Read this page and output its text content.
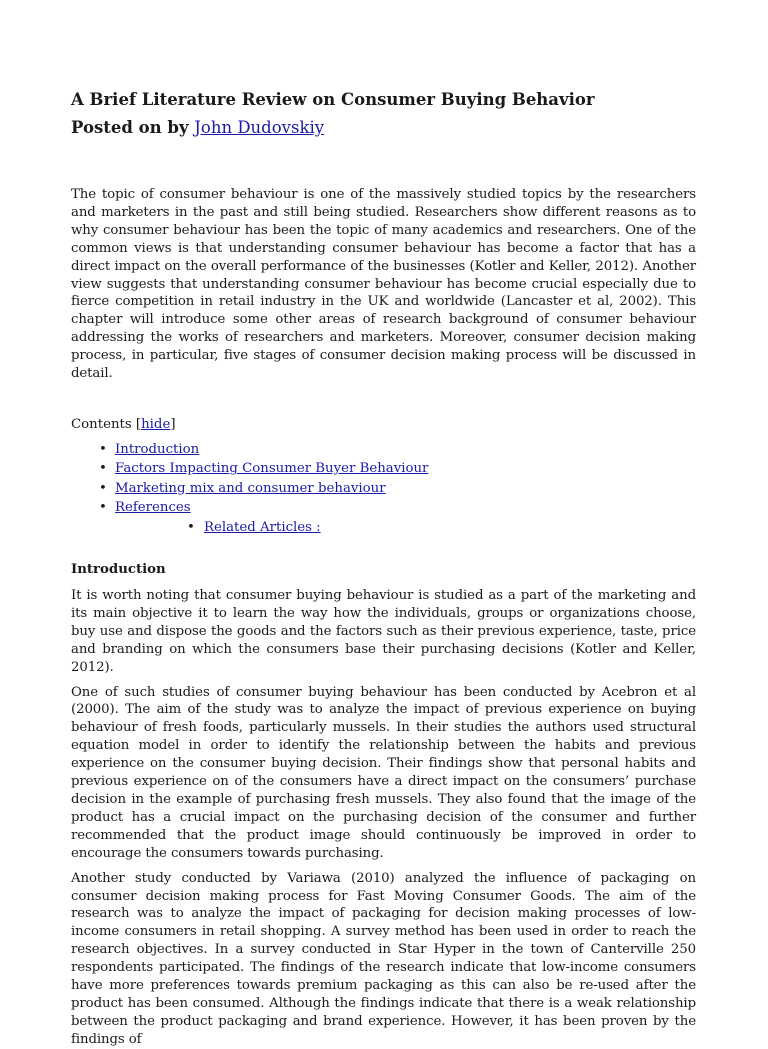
A Brief Literature Review on Consumer Buying Behavior
Posted on by John Dudovskiy

The topic of consumer behaviour is one of the massively studied topics by the researchers and marketers in the past and still being studied. Researchers show different reasons as to why consumer behaviour has been the topic of many academics and researchers. One of the common views is that understanding consumer behaviour has become a factor that has a direct impact on the overall performance of the businesses (Kotler and Keller, 2012). Another view suggests that understanding consumer behaviour has become crucial especially due to fierce competition in retail industry in the UK and worldwide (Lancaster et al, 2002). This chapter will introduce some other areas of research background of consumer behaviour addressing the works of researchers and marketers. Moreover, consumer decision making process, in particular, five stages of consumer decision making process will be discussed in detail.

Contents [hide]
• Introduction
• Factors Impacting Consumer Buyer Behaviour
• Marketing mix and consumer behaviour
• References
• Related Articles :
Introduction

It is worth noting that consumer buying behaviour is studied as a part of the marketing and its main objective it to learn the way how the individuals, groups or organizations choose, buy use and dispose the goods and the factors such as their previous experience, taste, price and branding on which the consumers base their purchasing decisions (Kotler and Keller, 2012).

One of such studies of consumer buying behaviour has been conducted by Acebron et al (2000). The aim of the study was to analyze the impact of previous experience on buying behaviour of fresh foods, particularly mussels. In their studies the authors used structural equation model in order to identify the relationship between the habits and previous experience on the consumer buying decision. Their findings show that personal habits and previous experience on of the consumers have a direct impact on the consumers’ purchase decision in the example of purchasing fresh mussels. They also found that the image of the product has a crucial impact on the purchasing decision of the consumer and further recommended that the product image should continuously be improved in order to encourage the consumers towards purchasing.

Another study conducted by Variawa (2010) analyzed the influence of packaging on consumer decision making process for Fast Moving Consumer Goods. The aim of the research was to analyze the impact of packaging for decision making processes of low-income consumers in retail shopping. A survey method has been used in order to reach the research objectives. In a survey conducted in Star Hyper in the town of Canterville 250 respondents participated. The findings of the research indicate that low-income consumers have more preferences towards premium packaging as this can also be re-used after the product has been consumed. Although the findings indicate that there is a weak relationship between the product packaging and brand experience. However, it has been proven by the findings of
